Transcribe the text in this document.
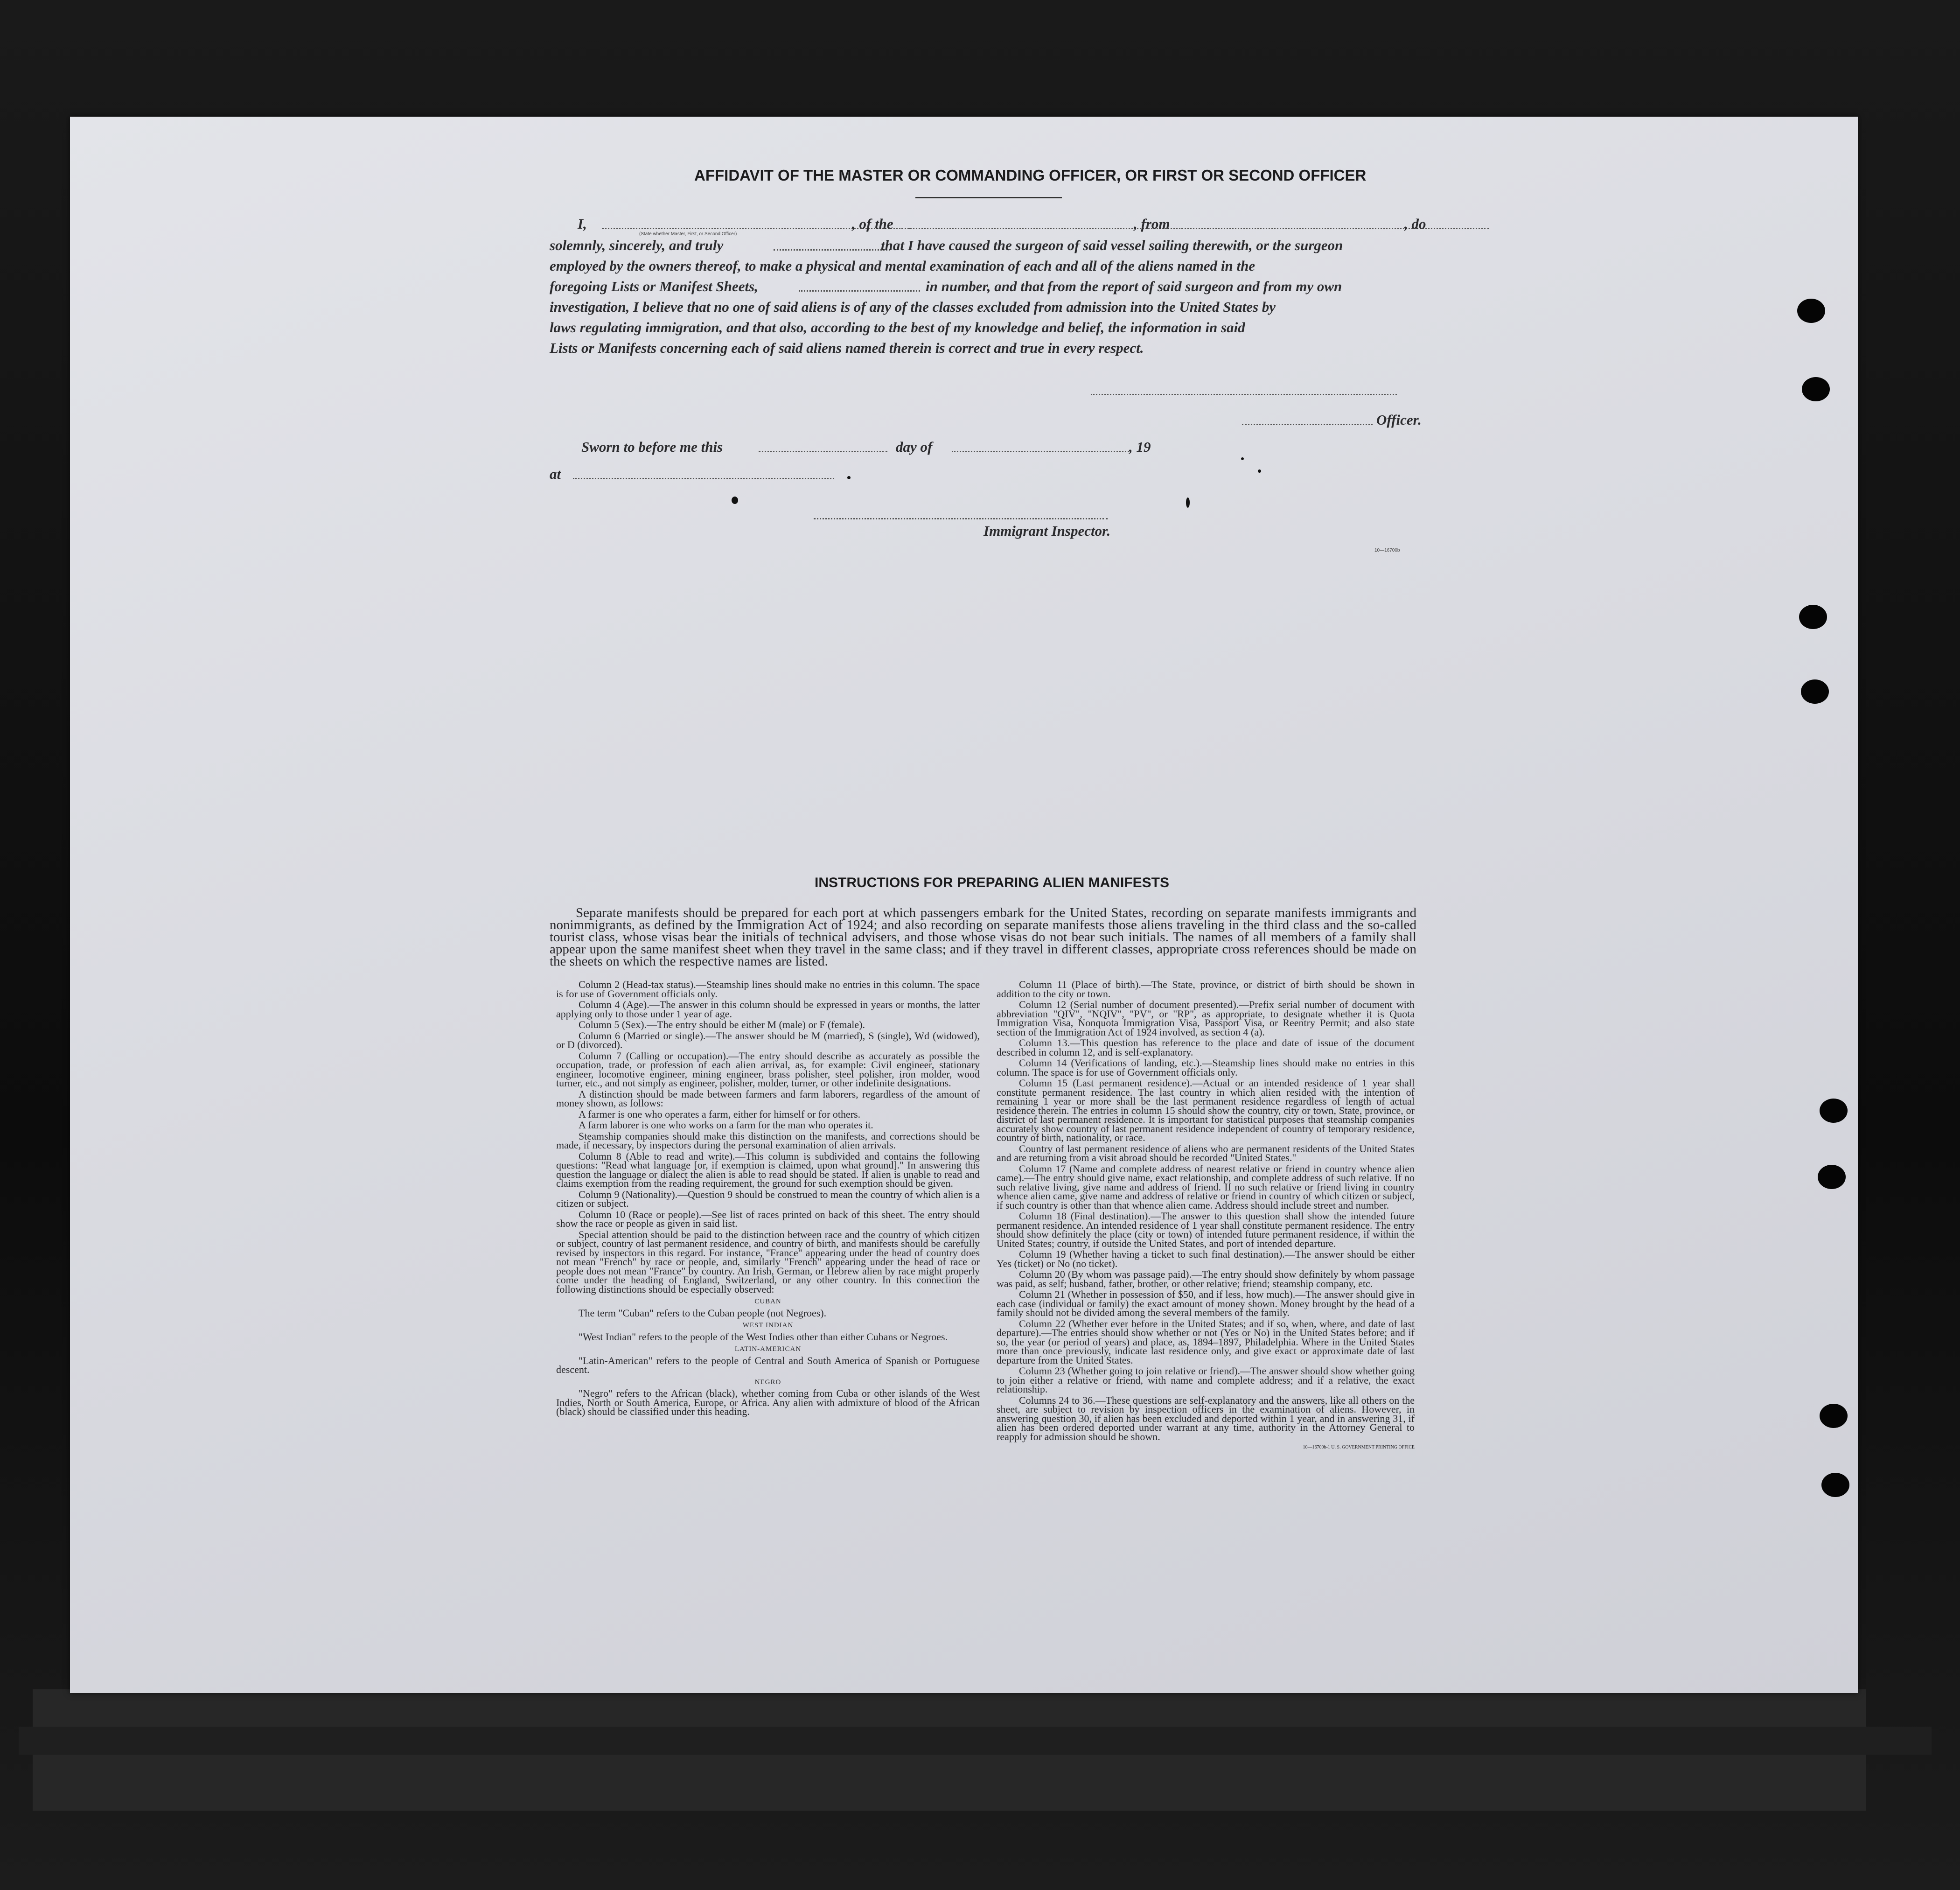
AFFIDAVIT OF THE MASTER OR COMMANDING OFFICER, OR FIRST OR SECOND OFFICER
I,
(State whether Master, First, or Second Officer)
, of the	, from	, do
solemnly, sincerely, and truly	that I have caused the surgeon of said vessel sailing therewith, or the surgeon
employed by the owners thereof, to make a physical and mental examination of each and all of the aliens named in the
foregoing Lists or Manifest Sheets,	in number, and that from the report of said surgeon and from my own
investigation, I believe that no one of said aliens is of any of the classes excluded from admission into the United States by
laws regulating immigration, and that also, according to the best of my knowledge and belief, the information in said
Lists or Manifests concerning each of said aliens named therein is correct and true in every respect.
Officer.
Sworn to before me this	day of	, 19
at
Immigrant Inspector.
10—16700b
INSTRUCTIONS FOR PREPARING ALIEN MANIFESTS
Separate manifests should be prepared for each port at which passengers embark for the United States, recording on separate manifests immigrants and nonimmigrants, as defined by the Immigration Act of 1924; and also recording on separate manifests those aliens traveling in the third class and the so-called tourist class, whose visas bear the initials of technical advisers, and those whose visas do not bear such initials. The names of all members of a family shall appear upon the same manifest sheet when they travel in the same class; and if they travel in different classes, appropriate cross references should be made on the sheets on which the respective names are listed.

Column 2 (Head-tax status).—Steamship lines should make no entries in this column. The space is for use of Government officials only.

Column 4 (Age).—The answer in this column should be expressed in years or months, the latter applying only to those under 1 year of age.

Column 5 (Sex).—The entry should be either M (male) or F (female).

Column 6 (Married or single).—The answer should be M (married), S (single), Wd (widowed), or D (divorced).

Column 7 (Calling or occupation).—The entry should describe as accurately as possible the occupation, trade, or profession of each alien arrival, as, for example: Civil engineer, stationary engineer, locomotive engineer, mining engineer, brass polisher, steel polisher, iron molder, wood turner, etc., and not simply as engineer, polisher, molder, turner, or other indefinite designations.

A distinction should be made between farmers and farm laborers, regardless of the amount of money shown, as follows:

A farmer is one who operates a farm, either for himself or for others.

A farm laborer is one who works on a farm for the man who operates it.

Steamship companies should make this distinction on the manifests, and corrections should be made, if necessary, by inspectors during the personal examination of alien arrivals.

Column 8 (Able to read and write).—This column is subdivided and contains the following questions: "Read what language [or, if exemption is claimed, upon what ground]." In answering this question the language or dialect the alien is able to read should be stated. If alien is unable to read and claims exemption from the reading requirement, the ground for such exemption should be given.

Column 9 (Nationality).—Question 9 should be construed to mean the country of which alien is a citizen or subject.

Column 10 (Race or people).—See list of races printed on back of this sheet. The entry should show the race or people as given in said list.

Special attention should be paid to the distinction between race and the country of which citizen or subject, country of last permanent residence, and country of birth, and manifests should be carefully revised by inspectors in this regard. For instance, "France" appearing under the head of country does not mean "French" by race or people, and, similarly "French" appearing under the head of race or people does not mean "France" by country. An Irish, German, or Hebrew alien by race might properly come under the heading of England, Switzerland, or any other country. In this connection the following distinctions should be especially observed:

CUBAN

The term "Cuban" refers to the Cuban people (not Negroes).

WEST INDIAN

"West Indian" refers to the people of the West Indies other than either Cubans or Negroes.

LATIN-AMERICAN

"Latin-American" refers to the people of Central and South America of Spanish or Portuguese descent.

NEGRO

"Negro" refers to the African (black), whether coming from Cuba or other islands of the West Indies, North or South America, Europe, or Africa. Any alien with admixture of blood of the African (black) should be classified under this heading.

Column 11 (Place of birth).—The State, province, or district of birth should be shown in addition to the city or town.

Column 12 (Serial number of document presented).—Prefix serial number of document with abbreviation "QIV", "NQIV", "PV", or "RP", as appropriate, to designate whether it is Quota Immigration Visa, Nonquota Immigration Visa, Passport Visa, or Reentry Permit; and also state section of the Immigration Act of 1924 involved, as section 4 (a).

Column 13.—This question has reference to the place and date of issue of the document described in column 12, and is self-explanatory.

Column 14 (Verifications of landing, etc.).—Steamship lines should make no entries in this column. The space is for use of Government officials only.

Column 15 (Last permanent residence).—Actual or an intended residence of 1 year shall constitute permanent residence. The last country in which alien resided with the intention of remaining 1 year or more shall be the last permanent residence regardless of length of actual residence therein. The entries in column 15 should show the country, city or town, State, province, or district of last permanent residence. It is important for statistical purposes that steamship companies accurately show country of last permanent residence independent of country of temporary residence, country of birth, nationality, or race.

Country of last permanent residence of aliens who are permanent residents of the United States and are returning from a visit abroad should be recorded "United States."

Column 17 (Name and complete address of nearest relative or friend in country whence alien came).—The entry should give name, exact relationship, and complete address of such relative. If no such relative living, give name and address of friend. If no such relative or friend living in country whence alien came, give name and address of relative or friend in country of which citizen or subject, if such country is other than that whence alien came. Address should include street and number.

Column 18 (Final destination).—The answer to this question shall show the intended future permanent residence. An intended residence of 1 year shall constitute permanent residence. The entry should show definitely the place (city or town) of intended future permanent residence, if within the United States; country, if outside the United States, and port of intended departure.

Column 19 (Whether having a ticket to such final destination).—The answer should be either Yes (ticket) or No (no ticket).

Column 20 (By whom was passage paid).—The entry should show definitely by whom passage was paid, as self; husband, father, brother, or other relative; friend; steamship company, etc.

Column 21 (Whether in possession of $50, and if less, how much).—The answer should give in each case (individual or family) the exact amount of money shown. Money brought by the head of a family should not be divided among the several members of the family.

Column 22 (Whether ever before in the United States; and if so, when, where, and date of last departure).—The entries should show whether or not (Yes or No) in the United States before; and if so, the year (or period of years) and place, as, 1894–1897, Philadelphia. Where in the United States more than once previously, indicate last residence only, and give exact or approximate date of last departure from the United States.

Column 23 (Whether going to join relative or friend).—The answer should show whether going to join either a relative or friend, with name and complete address; and if a relative, the exact relationship.

Columns 24 to 36.—These questions are self-explanatory and the answers, like all others on the sheet, are subject to revision by inspection officers in the examination of aliens. However, in answering question 30, if alien has been excluded and deported within 1 year, and in answering 31, if alien has been ordered deported under warrant at any time, authority in the Attorney General to reapply for admission should be shown.

10—16700b-1 U. S. GOVERNMENT PRINTING OFFICE
